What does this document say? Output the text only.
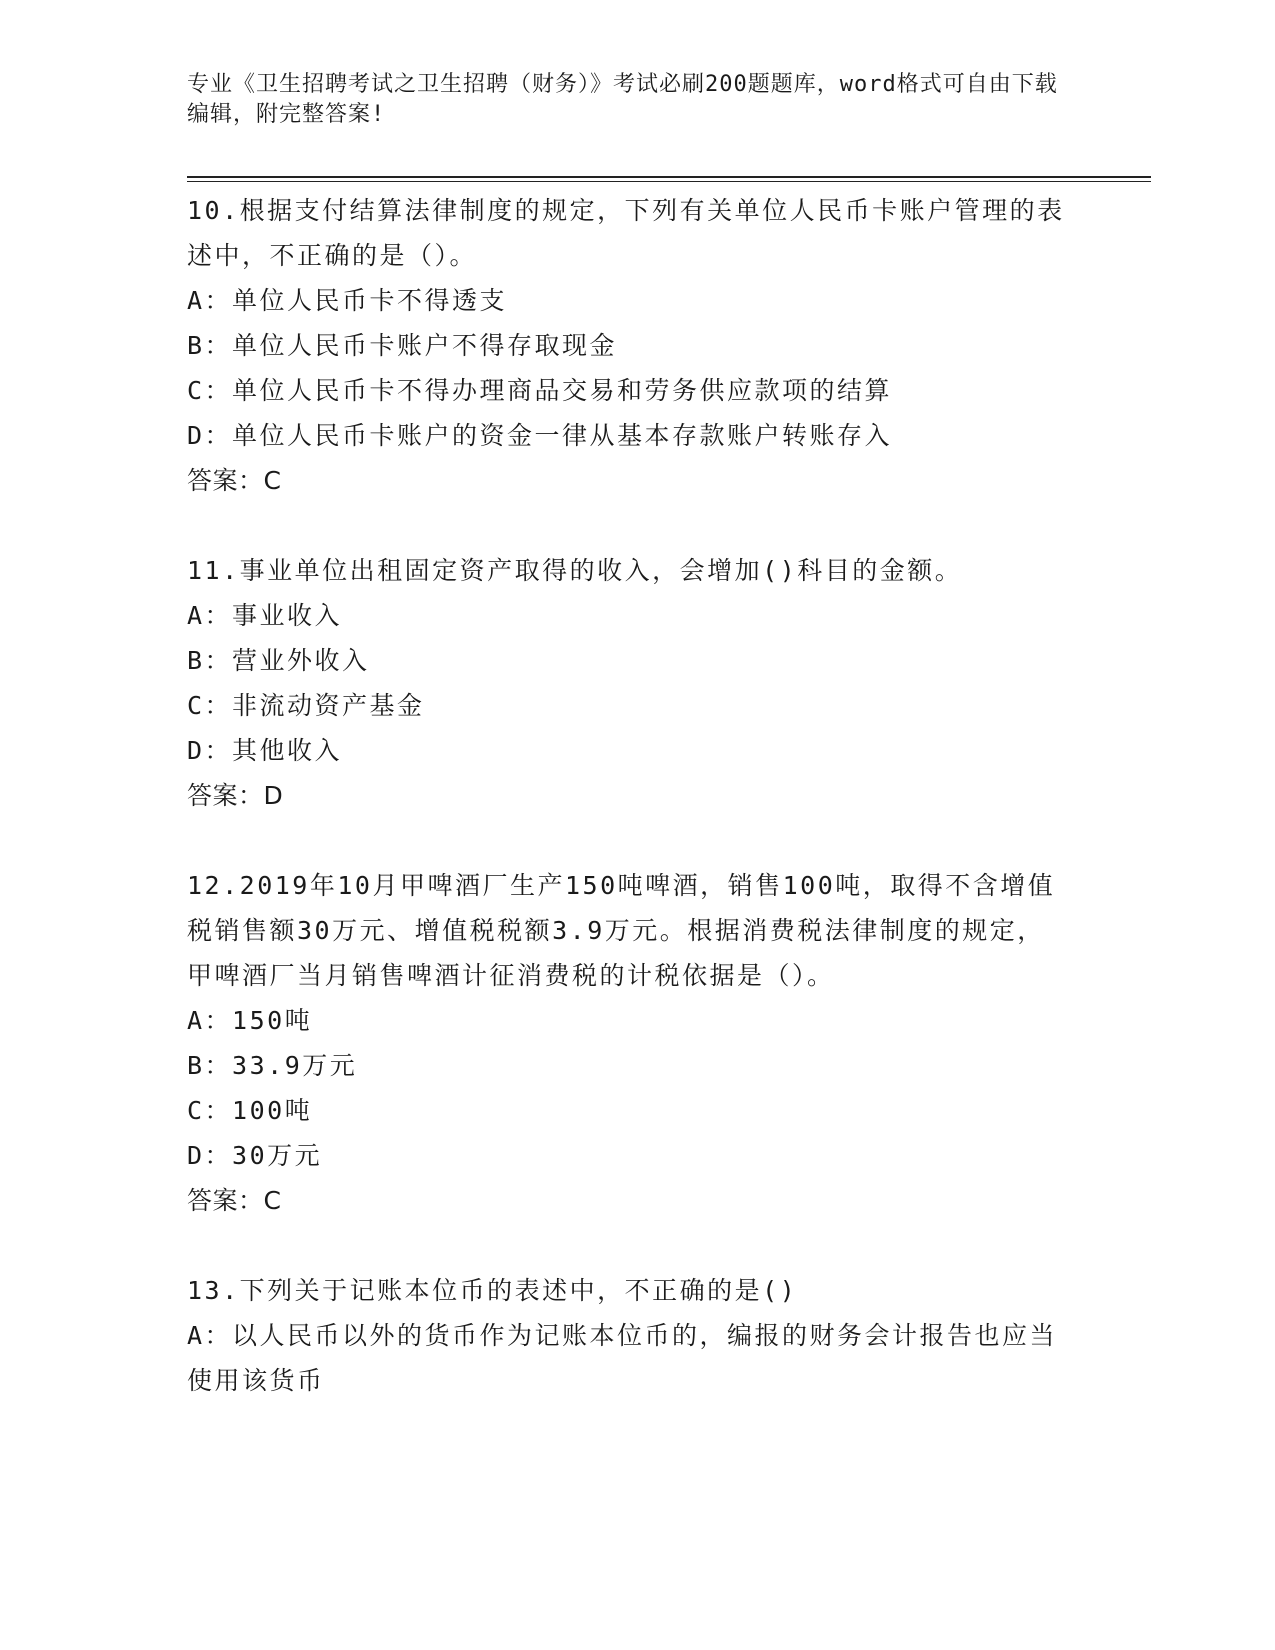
专业《卫生招聘考试之卫生招聘（财务）》考试必刷200题题库，word格式可自由下载编辑，附完整答案!

10.根据支付结算法律制度的规定，下列有关单位人民币卡账户管理的表述中，不正确的是（）。

A：单位人民币卡不得透支

B：单位人民币卡账户不得存取现金

C：单位人民币卡不得办理商品交易和劳务供应款项的结算

D：单位人民币卡账户的资金一律从基本存款账户转账存入

答案：C

11.事业单位出租固定资产取得的收入，会增加()科目的金额。

A：事业收入

B：营业外收入

C：非流动资产基金

D：其他收入

答案：D

12.2019年10月甲啤酒厂生产150吨啤酒，销售100吨，取得不含增值税销售额30万元、增值税税额3.9万元。根据消费税法律制度的规定，甲啤酒厂当月销售啤酒计征消费税的计税依据是（）。

A：150吨

B：33.9万元

C：100吨

D：30万元

答案：C

13.下列关于记账本位币的表述中，不正确的是()

A：以人民币以外的货币作为记账本位币的，编报的财务会计报告也应当使用该货币
